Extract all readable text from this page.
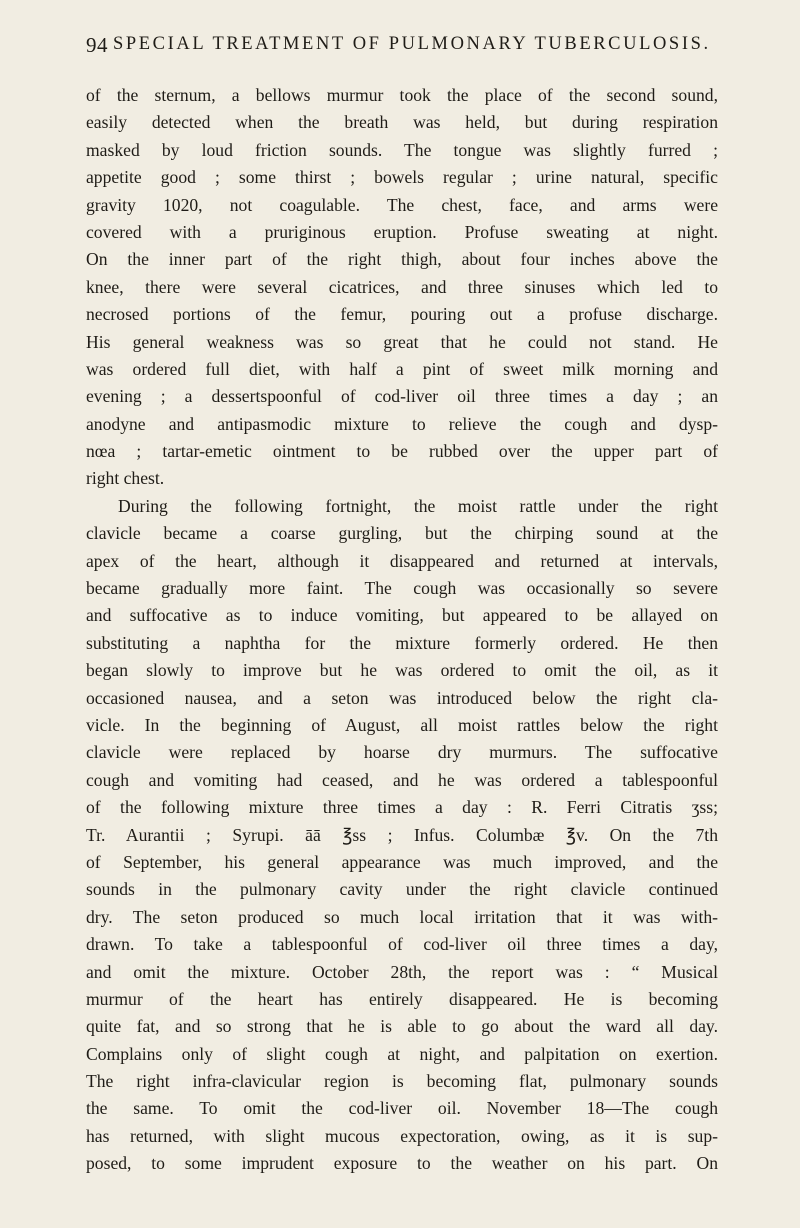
94 SPECIAL TREATMENT OF PULMONARY TUBERCULOSIS.
of the sternum, a bellows murmur took the place of the second sound,
easily detected when the breath was held, but during respiration
masked by loud friction sounds. The tongue was slightly furred ;
appetite good ; some thirst ; bowels regular ; urine natural, specific
gravity 1020, not coagulable. The chest, face, and arms were
covered with a pruriginous eruption. Profuse sweating at night.
On the inner part of the right thigh, about four inches above the
knee, there were several cicatrices, and three sinuses which led to
necrosed portions of the femur, pouring out a profuse discharge.
His general weakness was so great that he could not stand. He
was ordered full diet, with half a pint of sweet milk morning and
evening ; a dessertspoonful of cod-liver oil three times a day ; an
anodyne and antipasmodic mixture to relieve the cough and dysp-
nœa ; tartar-emetic ointment to be rubbed over the upper part of
right chest.
During the following fortnight, the moist rattle under the right
clavicle became a coarse gurgling, but the chirping sound at the
apex of the heart, although it disappeared and returned at intervals,
became gradually more faint. The cough was occasionally so severe
and suffocative as to induce vomiting, but appeared to be allayed on
substituting a naphtha for the mixture formerly ordered. He then
began slowly to improve but he was ordered to omit the oil, as it
occasioned nausea, and a seton was introduced below the right cla-
vicle. In the beginning of August, all moist rattles below the right
clavicle were replaced by hoarse dry murmurs. The suffocative
cough and vomiting had ceased, and he was ordered a tablespoonful
of the following mixture three times a day : R. Ferri Citratis ʒss;
Tr. Aurantii ; Syrupi. āā ℥ss ; Infus. Columbæ ℥v. On the 7th
of September, his general appearance was much improved, and the
sounds in the pulmonary cavity under the right clavicle continued
dry. The seton produced so much local irritation that it was with-
drawn. To take a tablespoonful of cod-liver oil three times a day,
and omit the mixture. October 28th, the report was : “ Musical
murmur of the heart has entirely disappeared. He is becoming
quite fat, and so strong that he is able to go about the ward all day.
Complains only of slight cough at night, and palpitation on exertion.
The right infra-clavicular region is becoming flat, pulmonary sounds
the same. To omit the cod-liver oil. November 18—The cough
has returned, with slight mucous expectoration, owing, as it is sup-
posed, to some imprudent exposure to the weather on his part. On
